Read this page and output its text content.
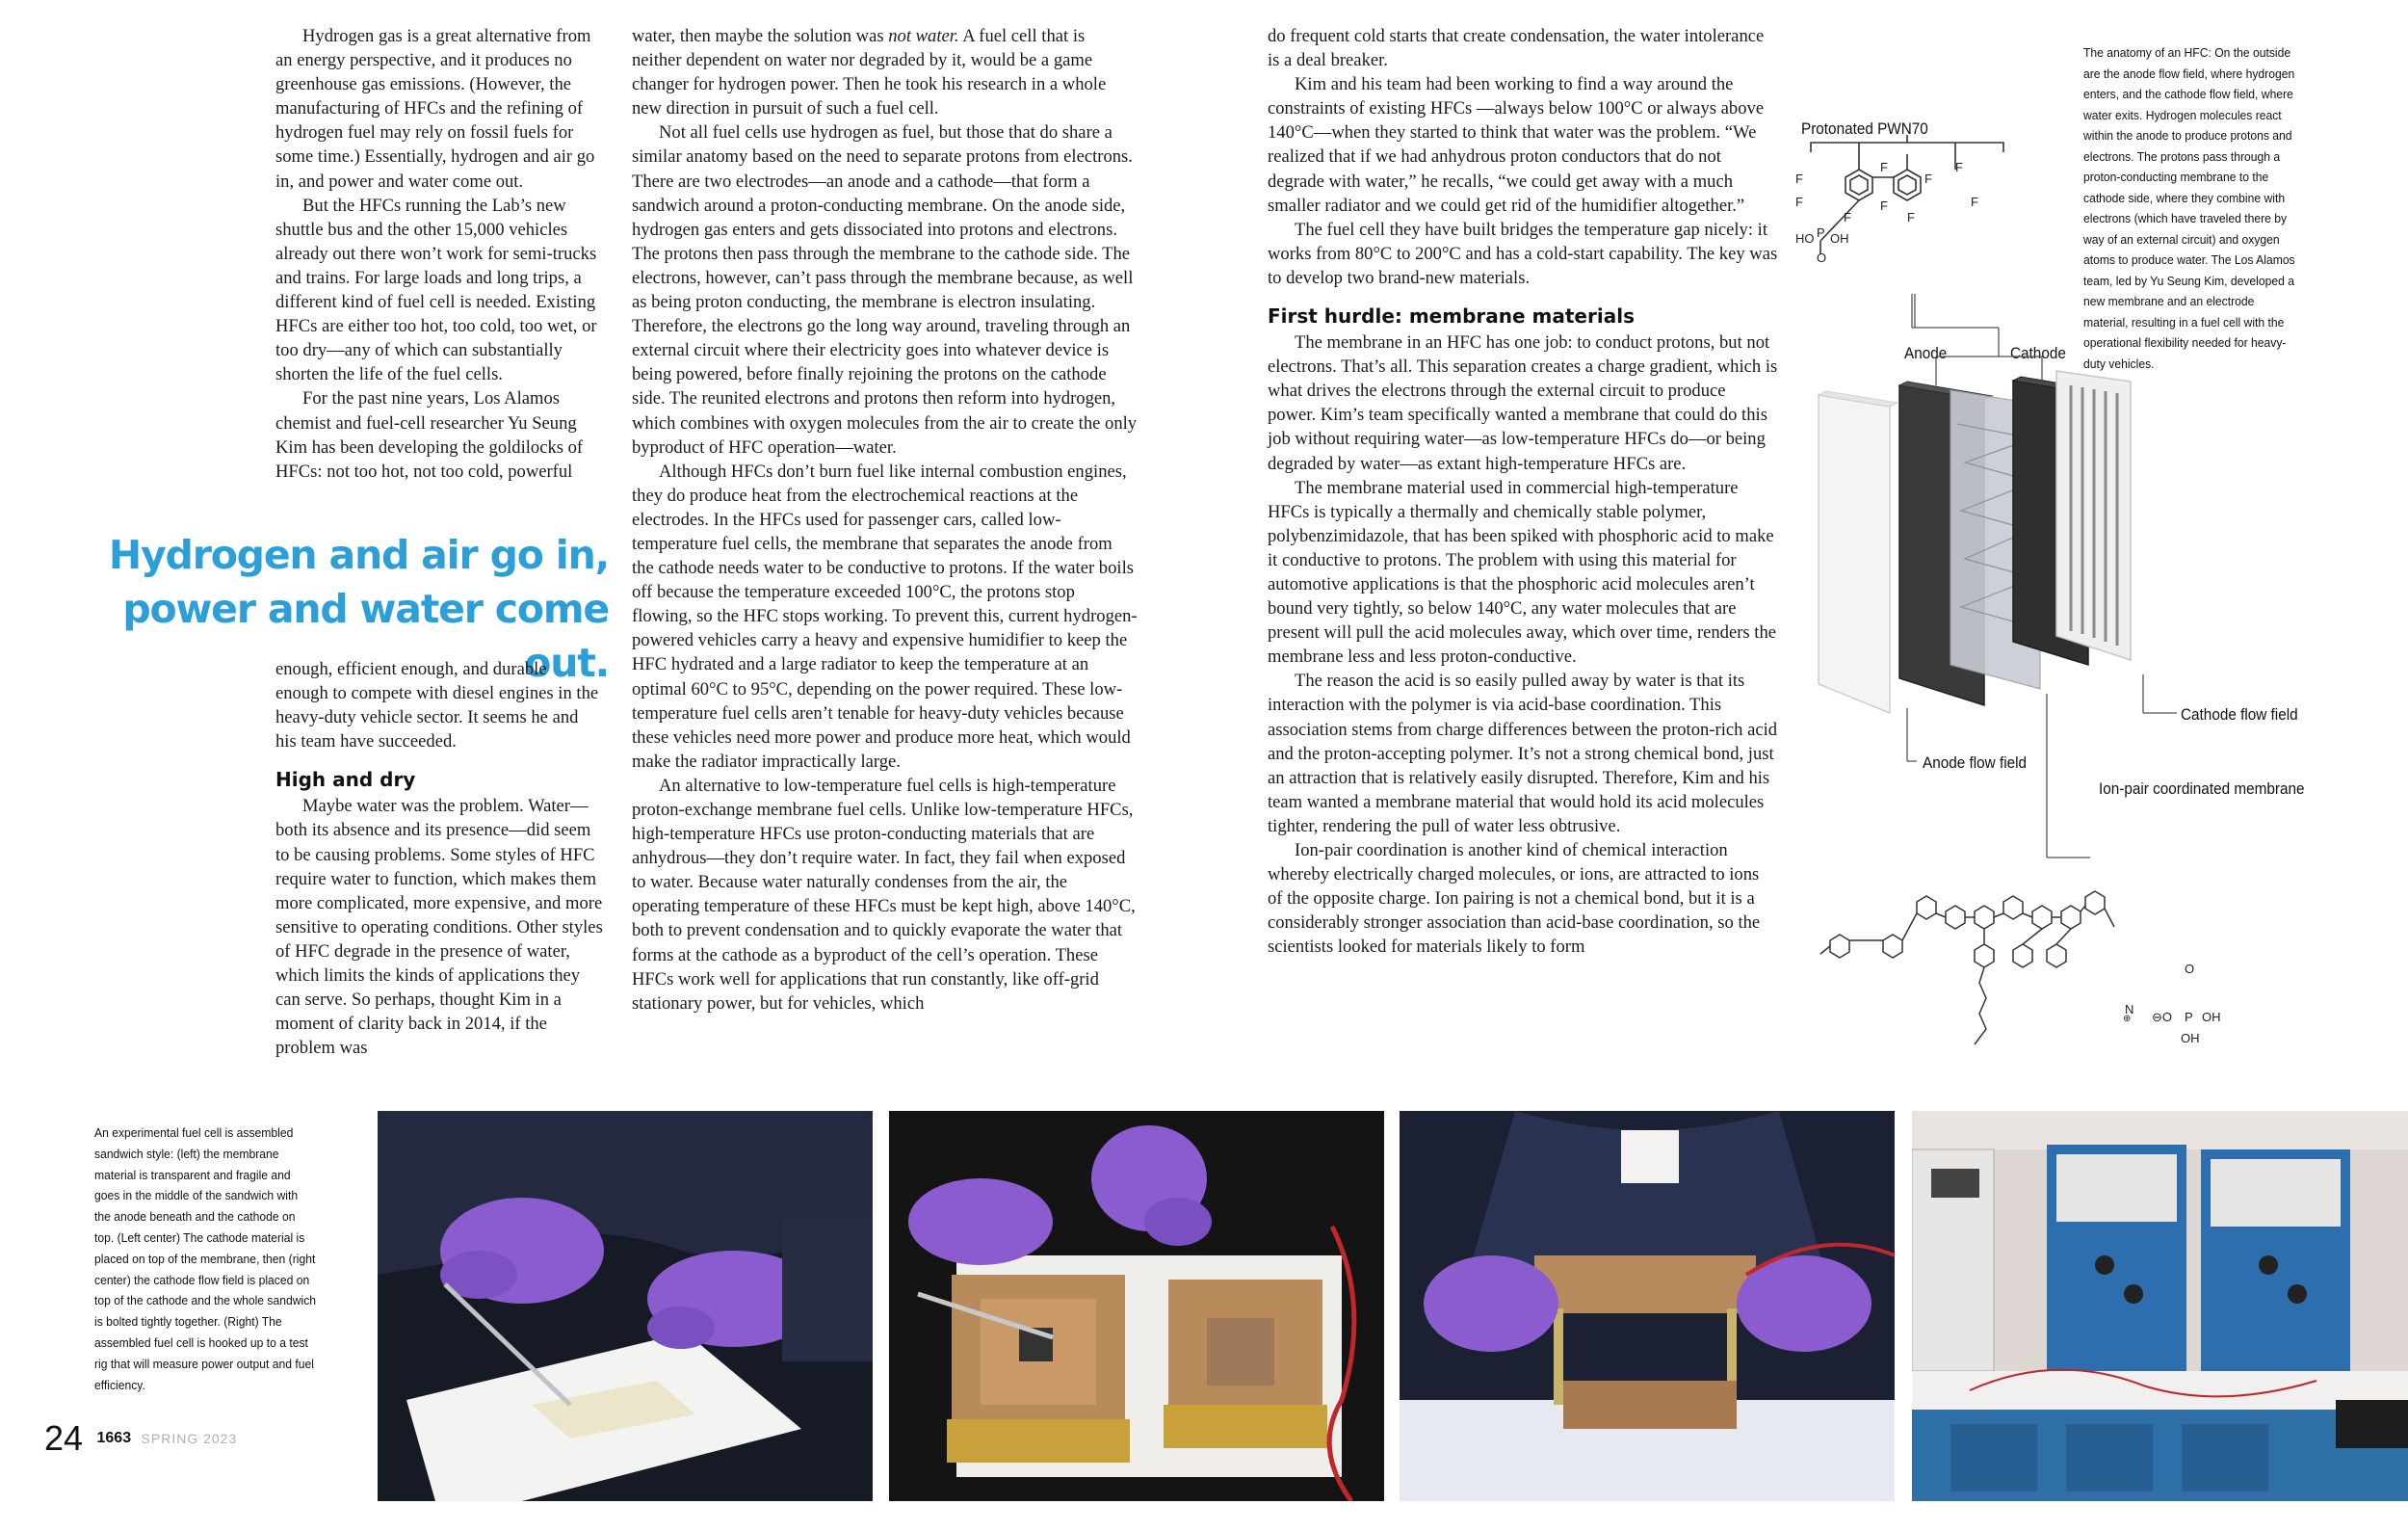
Hydrogen gas is a great alternative from an energy perspective, and it produces no greenhouse gas emissions. (However, the manufacturing of HFCs and the refining of hydrogen fuel may rely on fossil fuels for some time.) Essentially, hydrogen and air go in, and power and water come out.

But the HFCs running the Lab’s new shuttle bus and the other 15,000 vehicles already out there won’t work for semi-trucks and trains. For large loads and long trips, a different kind of fuel cell is needed. Existing HFCs are either too hot, too cold, too wet, or too dry—any of which can substantially shorten the life of the fuel cells.

For the past nine years, Los Alamos chemist and fuel-cell researcher Yu Seung Kim has been developing the goldilocks of HFCs: not too hot, not too cold, powerful

Hydrogen and air go in,
power and water come out.

enough, efficient enough, and durable enough to compete with diesel engines in the heavy-duty vehicle sector. It seems he and his team have succeeded.

High and dry

Maybe water was the problem. Water—both its absence and its presence—did seem to be causing problems. Some styles of HFC require water to function, which makes them more complicated, more expensive, and more sensitive to operating conditions. Other styles of HFC degrade in the presence of water, which limits the kinds of applications they can serve. So perhaps, thought Kim in a moment of clarity back in 2014, if the problem was

water, then maybe the solution was not water. A fuel cell that is neither dependent on water nor degraded by it, would be a game changer for hydrogen power. Then he took his research in a whole new direction in pursuit of such a fuel cell.

Not all fuel cells use hydrogen as fuel, but those that do share a similar anatomy based on the need to separate protons from electrons. There are two electrodes—an anode and a cathode—that form a sandwich around a proton-conducting membrane. On the anode side, hydrogen gas enters and gets dissociated into protons and electrons. The protons then pass through the membrane to the cathode side. The electrons, however, can’t pass through the membrane because, as well as being proton conducting, the membrane is electron insulating. Therefore, the electrons go the long way around, traveling through an external circuit where their electricity goes into whatever device is being powered, before finally rejoining the protons on the cathode side. The reunited electrons and protons then reform into hydrogen, which combines with oxygen molecules from the air to create the only byproduct of HFC operation—water.

Although HFCs don’t burn fuel like internal combustion engines, they do produce heat from the electrochemical reactions at the electrodes. In the HFCs used for passenger cars, called low-temperature fuel cells, the membrane that separates the anode from the cathode needs water to be conductive to protons. If the water boils off because the temperature exceeded 100°C, the protons stop flowing, so the HFC stops working. To prevent this, current hydrogen-powered vehicles carry a heavy and expensive humidifier to keep the HFC hydrated and a large radiator to keep the temperature at an optimal 60°C to 95°C, depending on the power required. These low-temperature fuel cells aren’t tenable for heavy-duty vehicles because these vehicles need more power and produce more heat, which would make the radiator impractically large.

An alternative to low-temperature fuel cells is high-temperature proton-exchange membrane fuel cells. Unlike low-temperature HFCs, high-temperature HFCs use proton-conducting materials that are anhydrous—they don’t require water. In fact, they fail when exposed to water. Because water naturally condenses from the air, the operating temperature of these HFCs must be kept high, above 140°C, both to prevent condensation and to quickly evaporate the water that forms at the cathode as a byproduct of the cell’s operation. These HFCs work well for applications that run constantly, like off-grid stationary power, but for vehicles, which

do frequent cold starts that create condensation, the water intolerance is a deal breaker.

Kim and his team had been working to find a way around the constraints of existing HFCs —always below 100°C or always above 140°C—when they started to think that water was the problem. “We realized that if we had anhydrous proton conductors that do not degrade with water,” he recalls, “we could get away with a much smaller radiator and we could get rid of the humidifier altogether.”

The fuel cell they have built bridges the temperature gap nicely: it works from 80°C to 200°C and has a cold-start capability. The key was to develop two brand-new materials.

First hurdle: membrane materials

The membrane in an HFC has one job: to conduct protons, but not electrons. That’s all. This separation creates a charge gradient, which is what drives the electrons through the external circuit to produce power. Kim’s team specifically wanted a membrane that could do this job without requiring water—as low-temperature HFCs do—or being degraded by water—as extant high-temperature HFCs are.

The membrane material used in commercial high-temperature HFCs is typically a thermally and chemically stable polymer, polybenzimidazole, that has been spiked with phosphoric acid to make it conductive to protons. The problem with using this material for automotive applications is that the phosphoric acid molecules aren’t bound very tightly, so below 140°C, any water molecules that are present will pull the acid molecules away, which over time, renders the membrane less and less proton-conductive.

The reason the acid is so easily pulled away by water is that its interaction with the polymer is via acid-base coordination. This association stems from charge differences between the proton-rich acid and the proton-accepting polymer. It’s not a strong chemical bond, just an attraction that is relatively easily disrupted. Therefore, Kim and his team wanted a membrane material that would hold its acid molecules tighter, rendering the pull of water less obtrusive.

Ion-pair coordination is another kind of chemical interaction whereby electrically charged molecules, or ions, are attracted to ions of the opposite charge. Ion pairing is not a chemical bond, but it is a considerably stronger association than acid-base coordination, so the scientists looked for materials likely to form

The anatomy of an HFC: On the outside are the anode flow field, where hydrogen enters, and the cathode flow field, where water exits. Hydrogen molecules react within the anode to produce protons and electrons. The protons pass through a proton-conducting membrane to the cathode side, where they combine with electrons (which have traveled there by way of an external circuit) and oxygen atoms to produce water. The Los Alamos team, led by Yu Seung Kim, developed a new membrane and an electrode material, resulting in a fuel cell with the operational flexibility needed for heavy-duty vehicles.
Protonated PWN70
Anode	Cathode
Cathode flow field
Anode flow field
Ion-pair coordinated membrane
F
F
F
F
F
F
F
F
F
HO P OH
O
N
⊕
O
⊖O P OH
OH
An experimental fuel cell is assembled sandwich style: (left) the membrane material is transparent and fragile and goes in the middle of the sandwich with the anode beneath and the cathode on top. (Left center) The cathode material is placed on top of the membrane, then (right center) the cathode flow field is placed on top of the cathode and the whole sandwich is bolted tightly together. (Right) The assembled fuel cell is hooked up to a test rig that will measure power output and fuel efficiency.
24 1663 SPRING 2023
